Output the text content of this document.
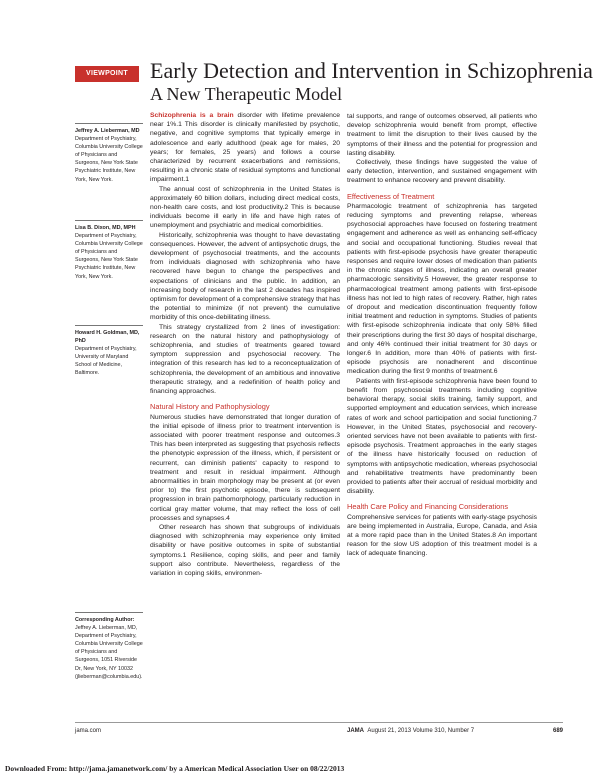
VIEWPOINT	Early Detection and Intervention in Schizophrenia
A New Therapeutic Model
Jeffrey A. Lieberman, MD
Department of Psychiatry, Columbia University College of Physicians and Surgeons, New York State Psychiatric Institute, New York, New York.
Lisa B. Dixon, MD, MPH
Department of Psychiatry, Columbia University College of Physicians and Surgeons, New York State Psychiatric Institute, New York, New York.
Howard H. Goldman, MD, PhD
Department of Psychiatry, University of Maryland School of Medicine, Baltimore.
Corresponding Author: Jeffrey A. Lieberman, MD, Department of Psychiatry, Columbia University College of Physicians and Surgeons, 1051 Riverside Dr, New York, NY 10032 (jlieberman@columbia.edu).

Schizophrenia is a brain disorder with lifetime prevalence near 1%.1 This disorder is clinically manifested by psychotic, negative, and cognitive symptoms that typically emerge in adolescence and early adulthood (peak age for males, 20 years; for females, 25 years) and follows a course characterized by recurrent exacerbations and remissions, resulting in a chronic state of residual symptoms and functional impairment.1

The annual cost of schizophrenia in the United States is approximately 60 billion dollars, including direct medical costs, non-health care costs, and lost productivity.2 This is because individuals become ill early in life and have high rates of unemployment and psychiatric and medical comorbidities.

Historically, schizophrenia was thought to have devastating consequences. However, the advent of antipsychotic drugs, the development of psychosocial treatments, and the accounts from individuals diagnosed with schizophrenia who have recovered have begun to change the perspectives and expectations of clinicians and the public. In addition, an increasing body of research in the last 2 decades has inspired optimism for development of a comprehensive strategy that has the potential to minimize (if not prevent) the cumulative morbidity of this once-debilitating illness.

This strategy crystallized from 2 lines of investigation: research on the natural history and pathophysiology of schizophrenia, and studies of treatments geared toward symptom suppression and psychosocial recovery. The integration of this research has led to a reconceptualization of schizophrenia, the development of an ambitious and innovative therapeutic strategy, and a redefinition of health policy and financing approaches.

Natural History and Pathophysiology

Numerous studies have demonstrated that longer duration of the initial episode of illness prior to treatment intervention is associated with poorer treatment response and outcomes.3 This has been interpreted as suggesting that psychosis reflects the phenotypic expression of the illness, which, if persistent or recurrent, can diminish patients' capacity to respond to treatment and result in residual impairment. Although abnormalities in brain morphology may be present at (or even prior to) the first psychotic episode, there is subsequent progression in brain pathomorphology, particularly reduction in cortical gray matter volume, that may reflect the loss of cell processes and synapses.4

Other research has shown that subgroups of individuals diagnosed with schizophrenia may experience only limited disability or have positive outcomes in spite of substantial symptoms.1 Resilience, coping skills, and peer and family support also contribute. Nevertheless, regardless of the variation in coping skills, environmen-

tal supports, and range of outcomes observed, all patients who develop schizophrenia would benefit from prompt, effective treatment to limit the disruption to their lives caused by the symptoms of their illness and the potential for progression and lasting disability.

Collectively, these findings have suggested the value of early detection, intervention, and sustained engagement with treatment to enhance recovery and prevent disability.

Effectiveness of Treatment

Pharmacologic treatment of schizophrenia has targeted reducing symptoms and preventing relapse, whereas psychosocial approaches have focused on fostering treatment engagement and adherence as well as enhancing self-efficacy and social and occupational functioning. Studies reveal that patients with first-episode psychosis have greater therapeutic responses and require lower doses of medication than patients in the chronic stages of illness, indicating an overall greater pharmacologic sensitivity.5 However, the greater response to pharmacological treatment among patients with first-episode illness has not led to high rates of recovery. Rather, high rates of dropout and medication discontinuation frequently follow initial treatment and reduction in symptoms. Studies of patients with first-episode schizophrenia indicate that only 58% filled their prescriptions during the first 30 days of hospital discharge, and only 46% continued their initial treatment for 30 days or longer.6 In addition, more than 40% of patients with first-episode psychosis are nonadherent and discontinue medication during the first 9 months of treatment.6

Patients with first-episode schizophrenia have been found to benefit from psychosocial treatments including cognitive behavioral therapy, social skills training, family support, and supported employment and education services, which increase rates of work and school participation and social functioning.7 However, in the United States, psychosocial and recovery-oriented services have not been available to patients with first-episode psychosis. Treatment approaches in the early stages of the illness have historically focused on reduction of symptoms with antipsychotic medication, whereas psychosocial and rehabilitative treatments have predominantly been provided to patients after their accrual of residual morbidity and disability.

Health Care Policy and Financing Considerations

Comprehensive services for patients with early-stage psychosis are being implemented in Australia, Europe, Canada, and Asia at a more rapid pace than in the United States.8 An important reason for the slow US adoption of this treatment model is a lack of adequate financing.

jama.com	JAMA August 21, 2013 Volume 310, Number 7	689
Downloaded From: http://jama.jamanetwork.com/ by a American Medical Association User on 08/22/2013
